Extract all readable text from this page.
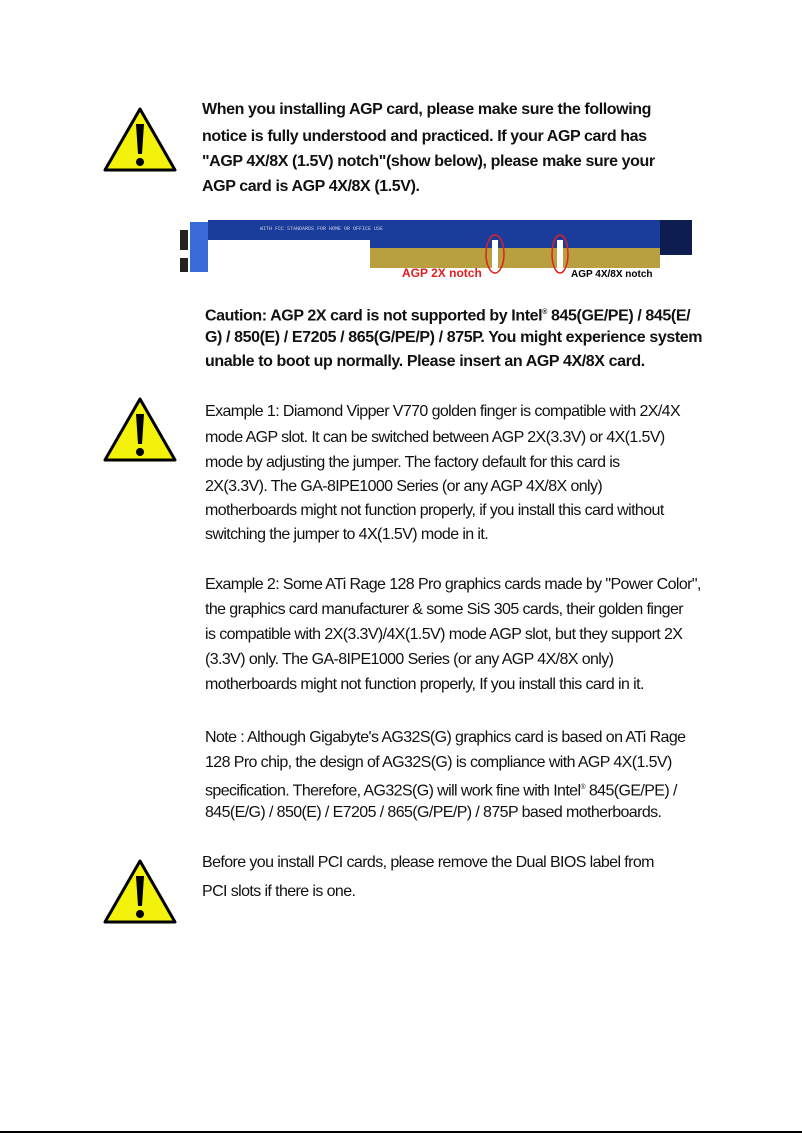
When you installing AGP card, please make sure the following
notice is fully understood and practiced. If your AGP card has
"AGP 4X/8X (1.5V) notch"(show below), please make sure your
AGP card is AGP 4X/8X (1.5V).
WITH FCC STANDARDS FOR HOME OR OFFICE USE
AGP 2X notch	AGP 4X/8X notch
Caution: AGP 2X card is not supported by Intel® 845(GE/PE) / 845(E/
G) / 850(E) / E7205 / 865(G/PE/P) / 875P. You might experience system
unable to boot up normally. Please insert an AGP 4X/8X card.
Example 1: Diamond Vipper V770 golden finger is compatible with 2X/4X
mode AGP slot. It can be switched between AGP 2X(3.3V) or 4X(1.5V)
mode by adjusting the jumper. The factory default for this card is
2X(3.3V). The GA-8IPE1000 Series (or any AGP 4X/8X only)
motherboards might not function properly, if you install this card without
switching the jumper to 4X(1.5V) mode in it.
Example 2: Some ATi Rage 128 Pro graphics cards made by "Power Color",
the graphics card manufacturer & some SiS 305 cards, their golden finger
is compatible with 2X(3.3V)/4X(1.5V) mode AGP slot, but they support 2X
(3.3V) only. The GA-8IPE1000 Series (or any AGP 4X/8X only)
motherboards might not function properly, If you install this card in it.
Note : Although Gigabyte's AG32S(G) graphics card is based on ATi Rage
128 Pro chip, the design of AG32S(G) is compliance with AGP 4X(1.5V)
specification. Therefore, AG32S(G) will work fine with Intel® 845(GE/PE) /
845(E/G) / 850(E) / E7205 / 865(G/PE/P) / 875P based motherboards.
Before you install PCI cards, please remove the Dual BIOS label from
PCI slots if there is one.
